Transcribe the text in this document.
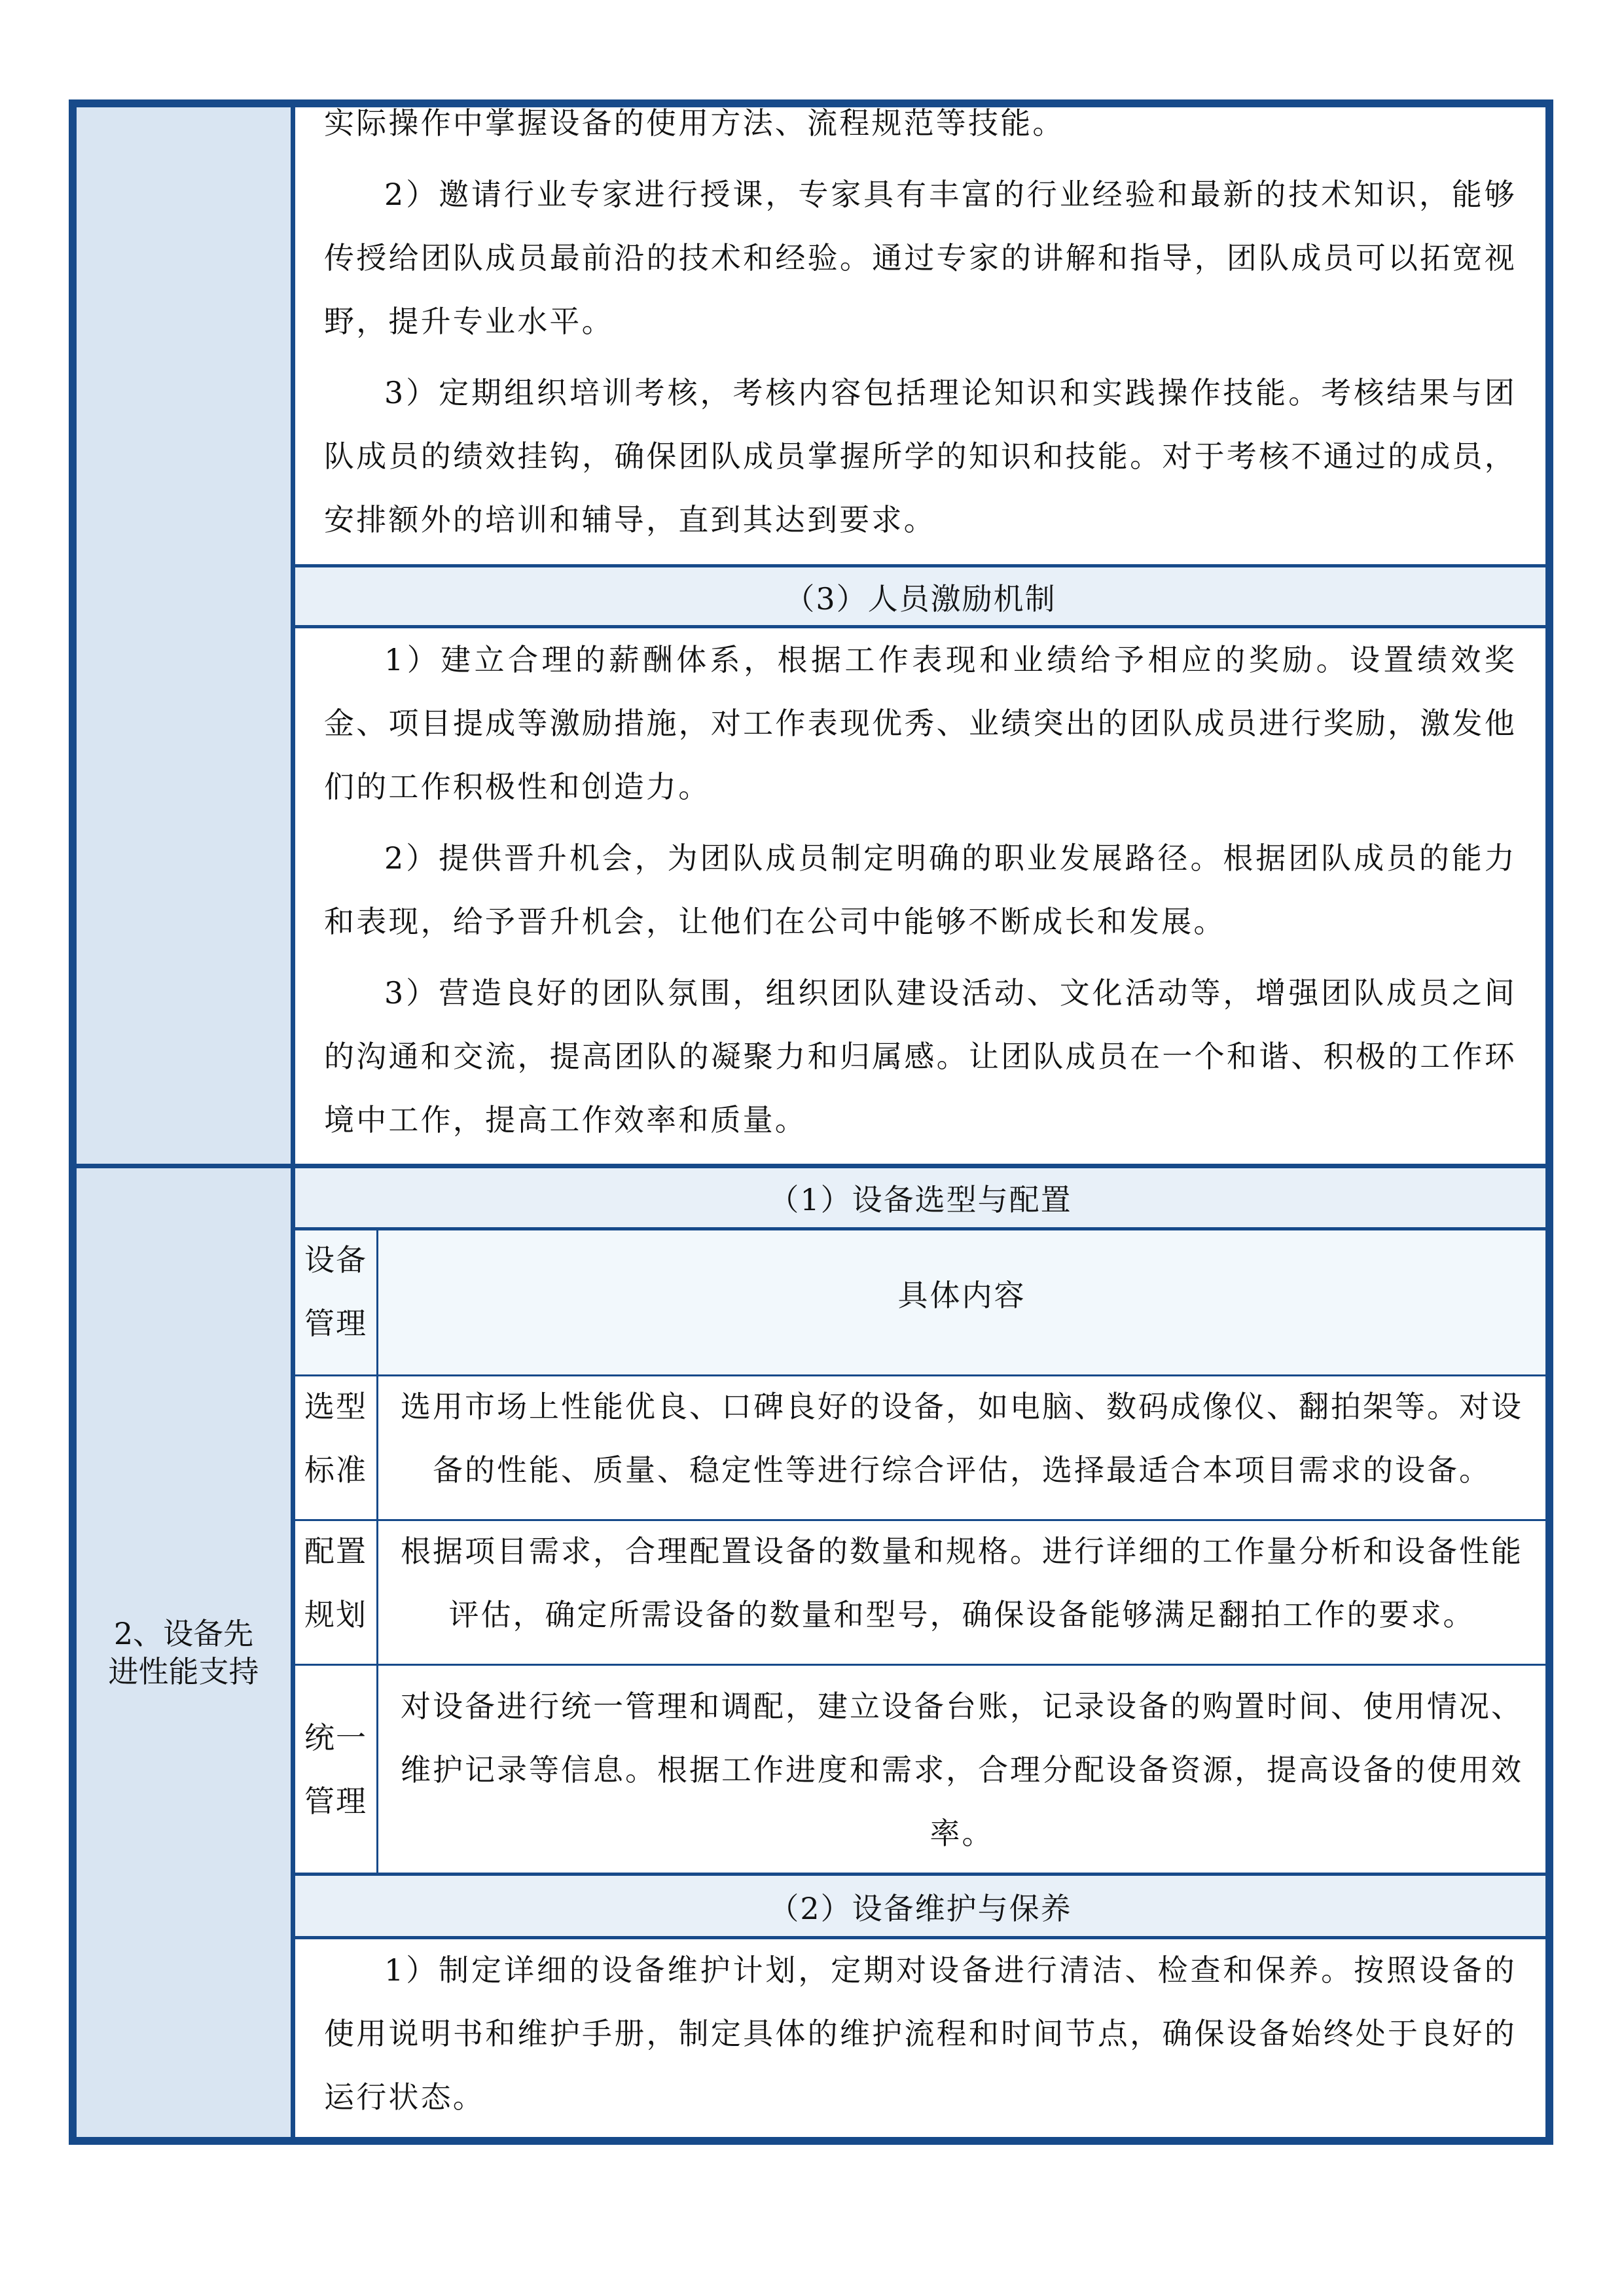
实际操作中掌握设备的使用方法、流程规范等技能。

2）邀请行业专家进行授课，专家具有丰富的行业经验和最新的技术知识，能够传授给团队成员最前沿的技术和经验。通过专家的讲解和指导，团队成员可以拓宽视野，提升专业水平。

3）定期组织培训考核，考核内容包括理论知识和实践操作技能。考核结果与团队成员的绩效挂钩，确保团队成员掌握所学的知识和技能。对于考核不通过的成员，安排额外的培训和辅导，直到其达到要求。

（3）人员激励机制

1）建立合理的薪酬体系，根据工作表现和业绩给予相应的奖励。设置绩效奖金、项目提成等激励措施，对工作表现优秀、业绩突出的团队成员进行奖励，激发他们的工作积极性和创造力。

2）提供晋升机会，为团队成员制定明确的职业发展路径。根据团队成员的能力和表现，给予晋升机会，让他们在公司中能够不断成长和发展。

3）营造良好的团队氛围，组织团队建设活动、文化活动等，增强团队成员之间的沟通和交流，提高团队的凝聚力和归属感。让团队成员在一个和谐、积极的工作环境中工作，提高工作效率和质量。

2、设备先进性能支持
（1）设备选型与配置
设备
管理
具体内容
选型
标准
选用市场上性能优良、口碑良好的设备，如电脑、数码成像仪、翻拍架等。对设备的性能、质量、稳定性等进行综合评估，选择最适合本项目需求的设备。
配置
规划
根据项目需求，合理配置设备的数量和规格。进行详细的工作量分析和设备性能评估，确定所需设备的数量和型号，确保设备能够满足翻拍工作的要求。
统一
管理
对设备进行统一管理和调配，建立设备台账，记录设备的购置时间、使用情况、维护记录等信息。根据工作进度和需求，合理分配设备资源，提高设备的使用效率。
（2）设备维护与保养

1）制定详细的设备维护计划，定期对设备进行清洁、检查和保养。按照设备的使用说明书和维护手册，制定具体的维护流程和时间节点，确保设备始终处于良好的运行状态。
